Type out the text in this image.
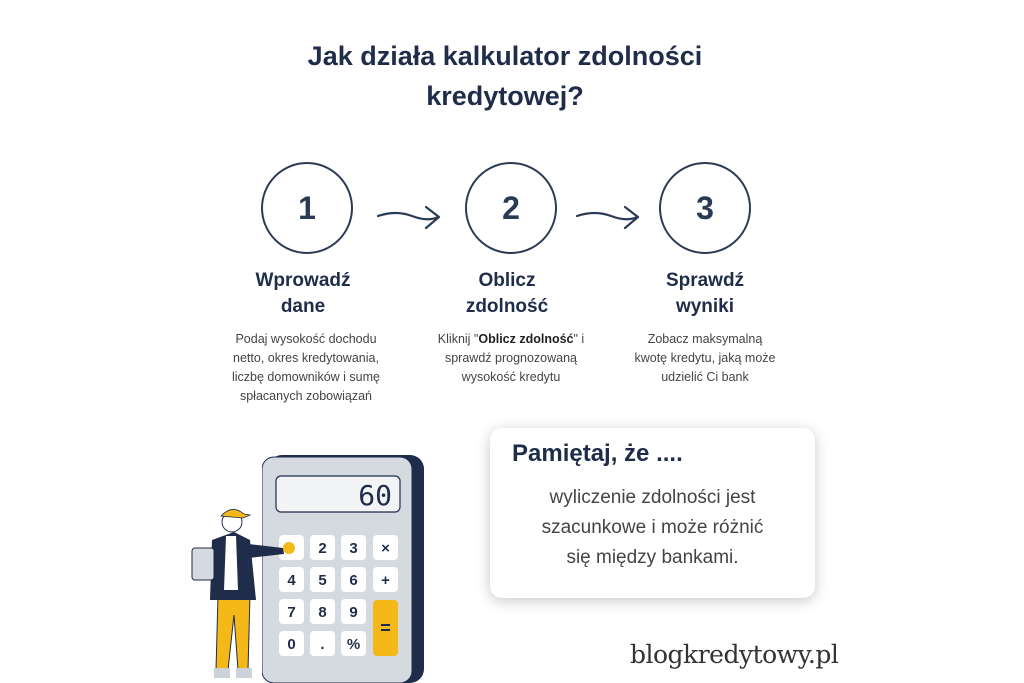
Jak działa kalkulator zdolności
kredytowej?
1	2	3
Wprowadź
dane
Oblicz
zdolność
Sprawdź
wyniki
Podaj wysokość dochodu
netto, okres kredytowania,
liczbę domowników i sumę
spłacanych zobowiązań
Kliknij "Oblicz zdolność" i
sprawdź prognozowaną
wysokość kredytu
Zobacz maksymalną
kwotę kredytu, jaką może
udzielić Ci bank
Pamiętaj, że ....
wyliczenie zdolności jest
szacunkowe i może różnić
się między bankami.
60
2 3 ×
4 5 6 +
7 8 9
0 . %
=
blogkredytowy.pl
